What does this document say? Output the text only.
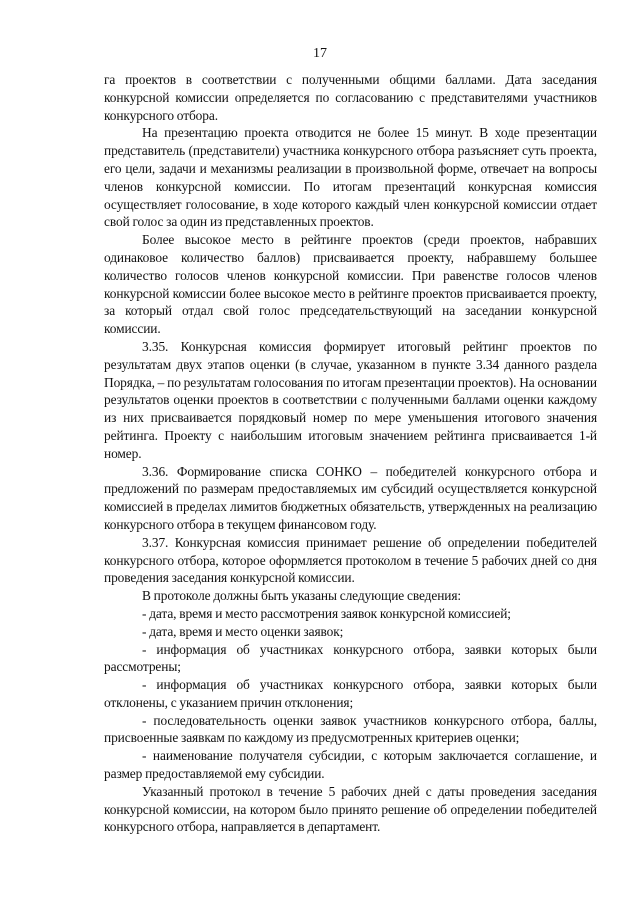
17

га проектов в соответствии с полученными общими баллами. Дата заседания конкурсной комиссии определяется по согласованию с представителями участников конкурсного отбора.

На презентацию проекта отводится не более 15 минут. В ходе презентации представитель (представители) участника конкурсного отбора разъясняет суть проекта, его цели, задачи и механизмы реализации в произвольной форме, отвечает на вопросы членов конкурсной комиссии. По итогам презентаций конкурсная комиссия осуществляет голосование, в ходе которого каждый член конкурсной комиссии отдает свой голос за один из представленных проектов.

Более высокое место в рейтинге проектов (среди проектов, набравших одинаковое количество баллов) присваивается проекту, набравшему большее количество голосов членов конкурсной комиссии. При равенстве голосов членов конкурсной комиссии более высокое место в рейтинге проектов присваивается проекту, за который отдал свой голос председательствующий на заседании конкурсной комиссии.

3.35. Конкурсная комиссия формирует итоговый рейтинг проектов по результатам двух этапов оценки (в случае, указанном в пункте 3.34 данного раздела Порядка, – по результатам голосования по итогам презентации проектов). На основании результатов оценки проектов в соответствии с полученными баллами оценки каждому из них присваивается порядковый номер по мере уменьшения итогового значения рейтинга. Проекту с наибольшим итоговым значением рейтинга присваивается 1-й номер.

3.36. Формирование списка СОНКО – победителей конкурсного отбора и предложений по размерам предоставляемых им субсидий осуществляется конкурсной комиссией в пределах лимитов бюджетных обязательств, утвержденных на реализацию конкурсного отбора в текущем финансовом году.

3.37. Конкурсная комиссия принимает решение об определении победителей конкурсного отбора, которое оформляется протоколом в течение 5 рабочих дней со дня проведения заседания конкурсной комиссии.

В протоколе должны быть указаны следующие сведения:

- дата, время и место рассмотрения заявок конкурсной комиссией;

- дата, время и место оценки заявок;

- информация об участниках конкурсного отбора, заявки которых были рассмотрены;

- информация об участниках конкурсного отбора, заявки которых были отклонены, с указанием причин отклонения;

- последовательность оценки заявок участников конкурсного отбора, баллы, присвоенные заявкам по каждому из предусмотренных критериев оценки;

- наименование получателя субсидии, с которым заключается соглашение, и размер предоставляемой ему субсидии.

Указанный протокол в течение 5 рабочих дней с даты проведения заседания конкурсной комиссии, на котором было принято решение об определении победителей конкурсного отбора, направляется в департамент.
